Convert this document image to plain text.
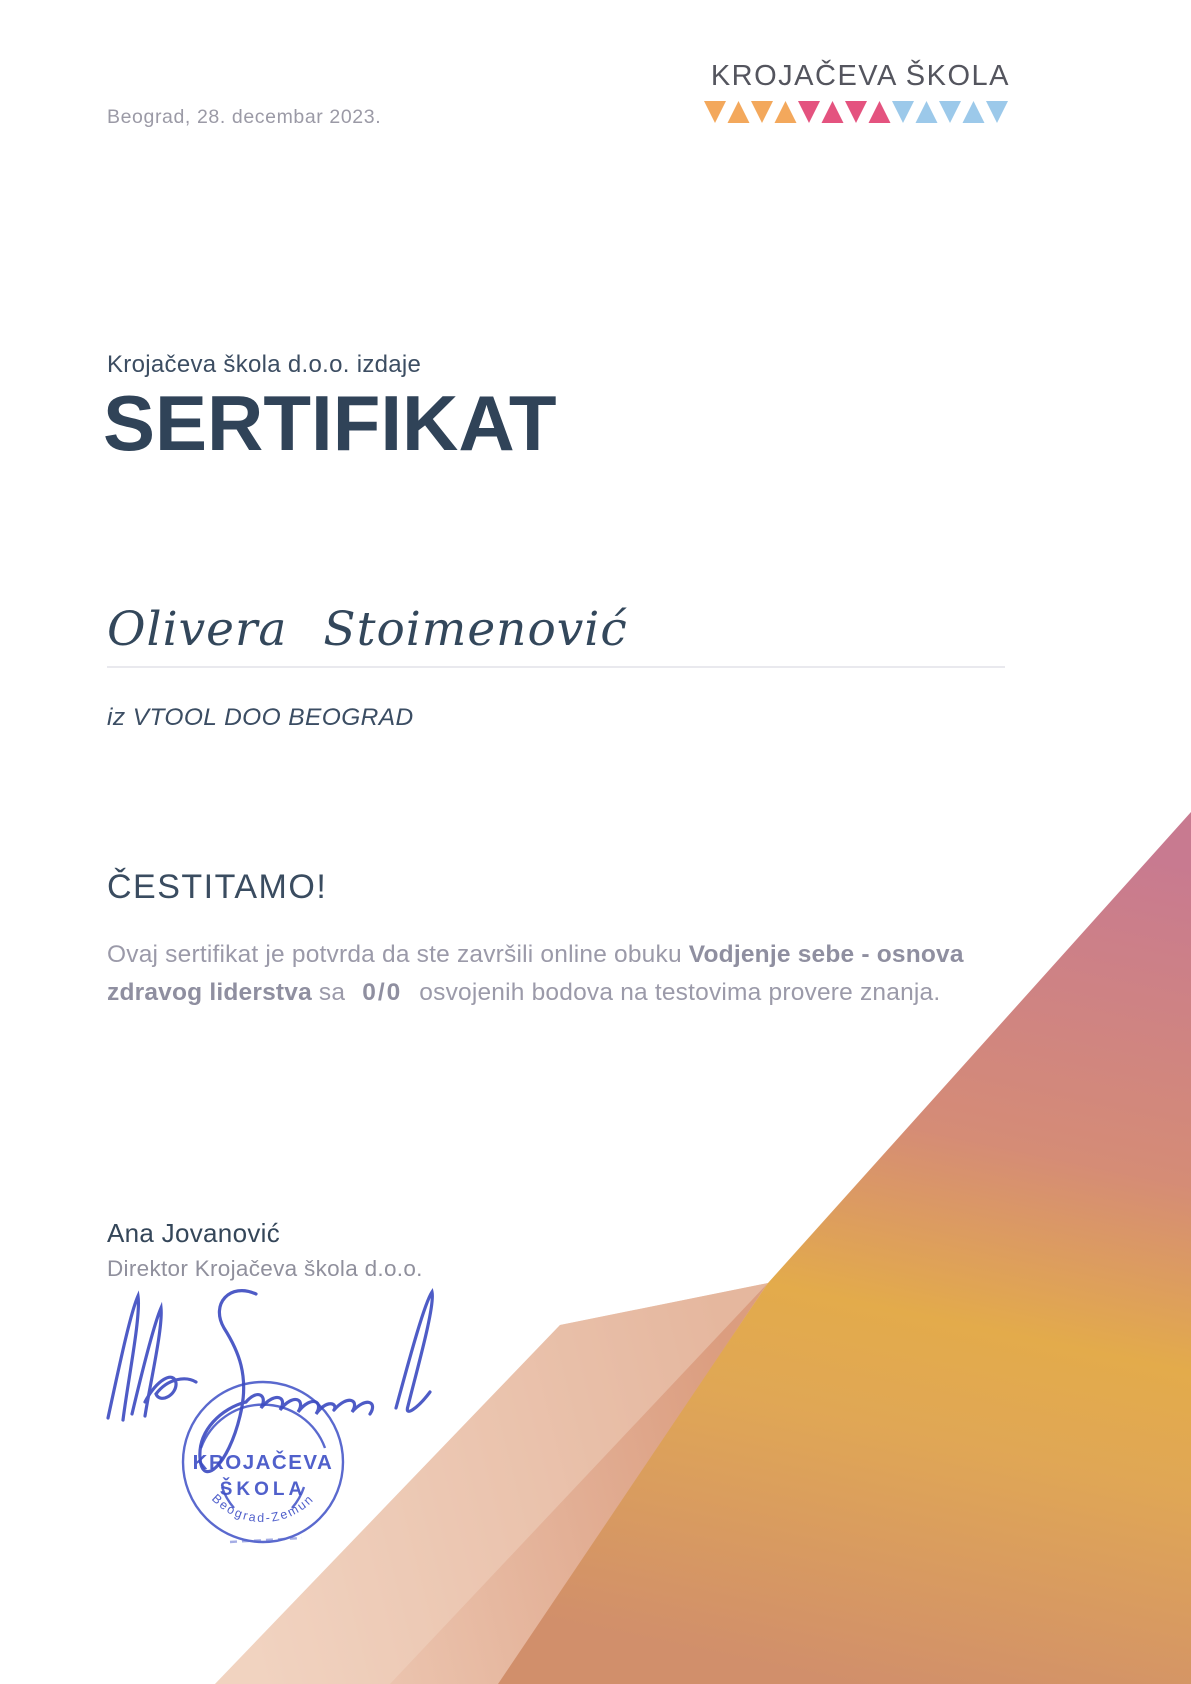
Beograd, 28. decembar 2023.
KROJAČEVA ŠKOLA
Krojačeva škola d.o.o. izdaje
SERTIFIKAT
Olivera Stoimenović
iz VTOOL DOO BEOGRAD
ČESTITAMO!

Ovaj sertifikat je potvrda da ste završili online obuku Vodjenje sebe - osnova zdravog liderstva sa 0/0 osvojenih bodova na testovima provere znanja.

Ana Jovanović
Direktor Krojačeva škola d.o.o.
KROJAČEVA
ŠKOLA
Beograd-Zemun
